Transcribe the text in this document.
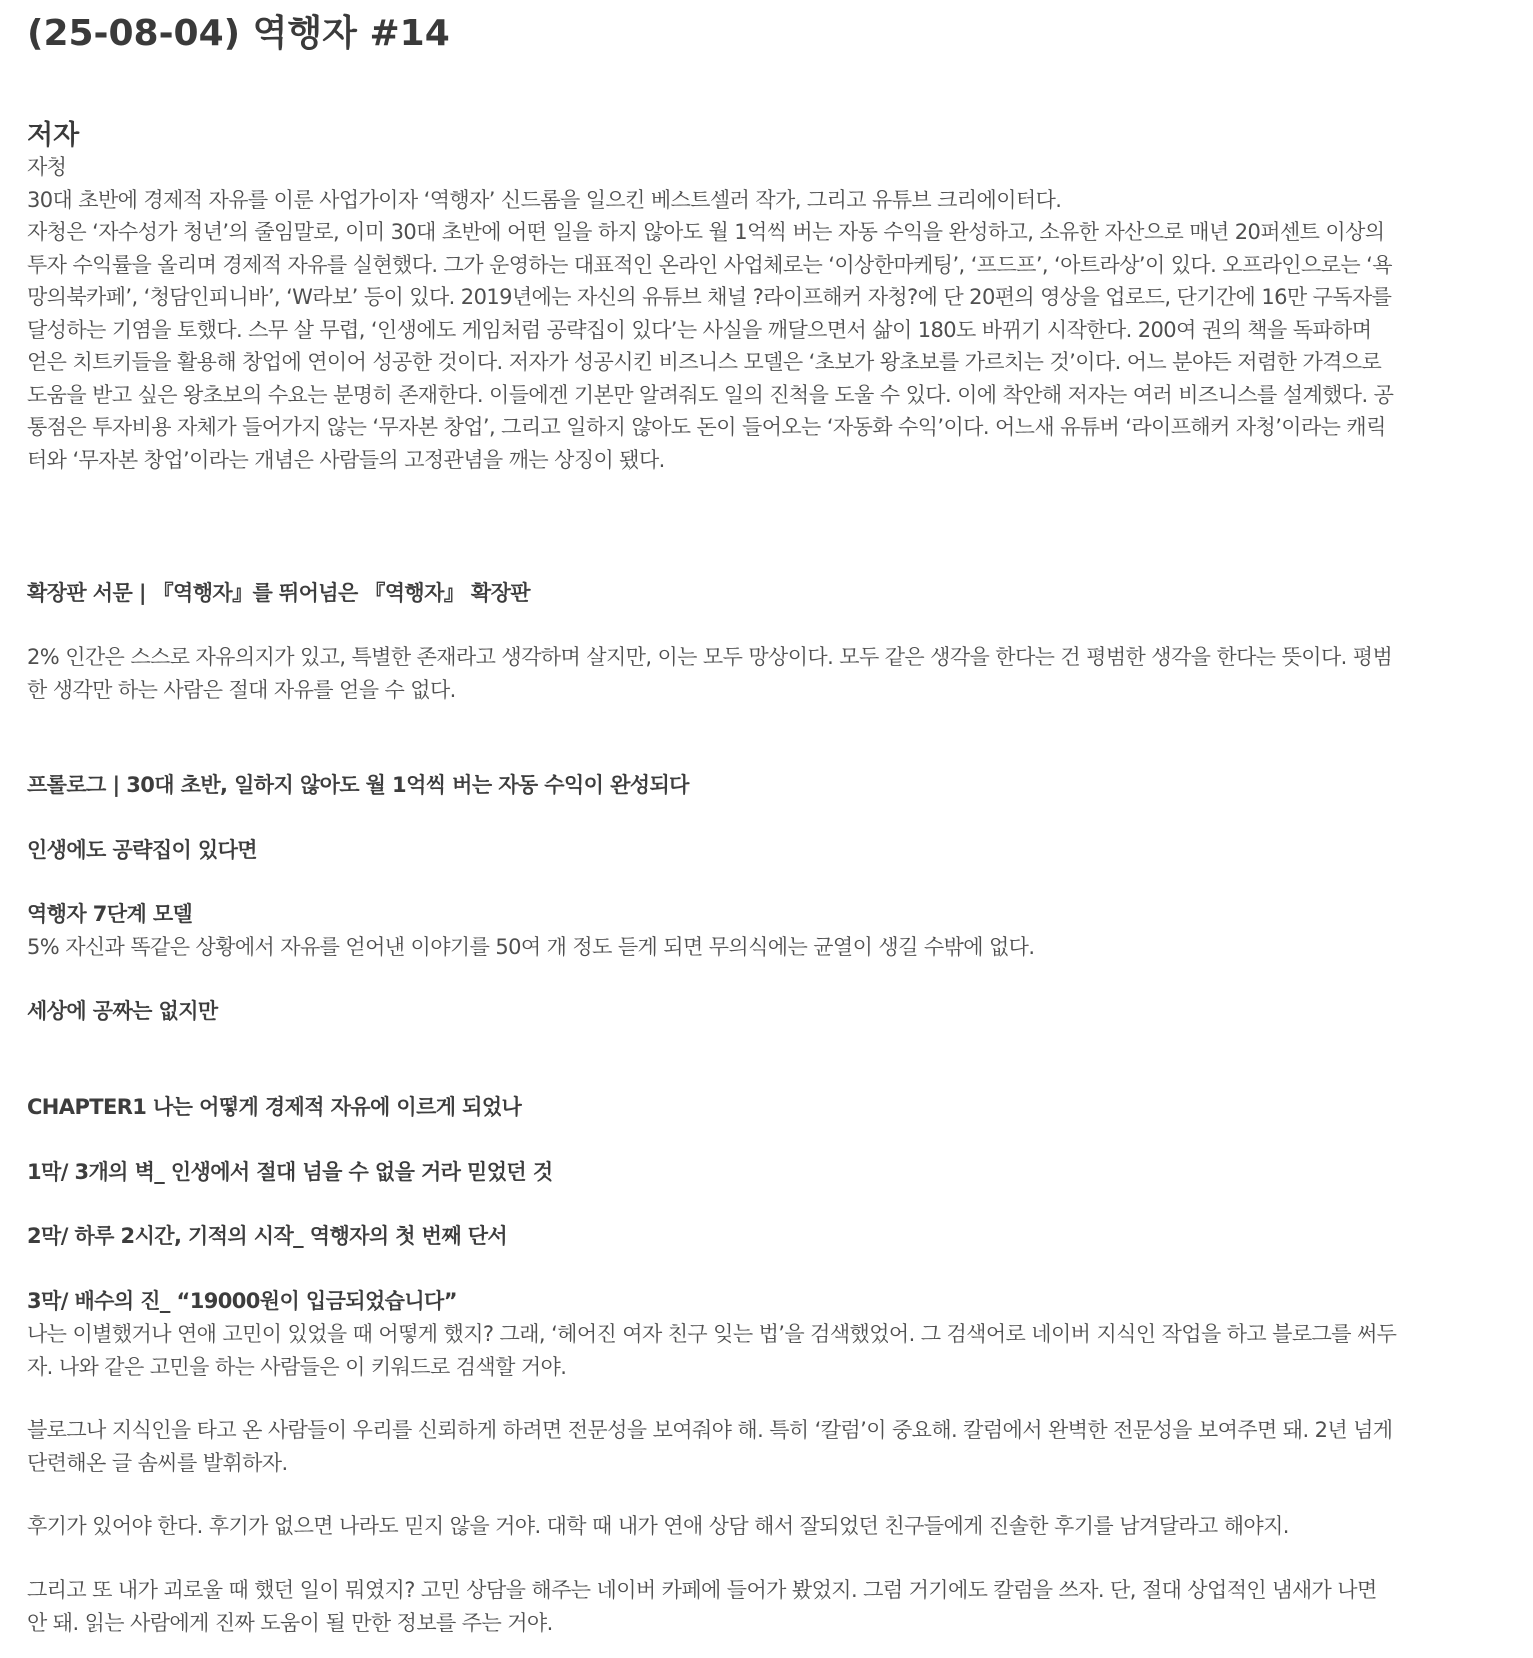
(25-08-04) 역행자 #14
저자
자청
30대 초반에 경제적 자유를 이룬 사업가이자 ‘역행자’ 신드롬을 일으킨 베스트셀러 작가, 그리고 유튜브 크리에이터다.
자청은 ‘자수성가 청년’의 줄임말로, 이미 30대 초반에 어떤 일을 하지 않아도 월 1억씩 버는 자동 수익을 완성하고, 소유한 자산으로 매년 20퍼센트 이상의
투자 수익률을 올리며 경제적 자유를 실현했다. 그가 운영하는 대표적인 온라인 사업체로는 ‘이상한마케팅’, ‘프드프’, ‘아트라상’이 있다. 오프라인으로는 ‘욕
망의북카페’, ‘청담인피니바’, ‘W라보’ 등이 있다. 2019년에는 자신의 유튜브 채널 ?라이프해커 자청?에 단 20편의 영상을 업로드, 단기간에 16만 구독자를
달성하는 기염을 토했다. 스무 살 무렵, ‘인생에도 게임처럼 공략집이 있다’는 사실을 깨달으면서 삶이 180도 바뀌기 시작한다. 200여 권의 책을 독파하며
얻은 치트키들을 활용해 창업에 연이어 성공한 것이다. 저자가 성공시킨 비즈니스 모델은 ‘초보가 왕초보를 가르치는 것’이다. 어느 분야든 저렴한 가격으로
도움을 받고 싶은 왕초보의 수요는 분명히 존재한다. 이들에겐 기본만 알려줘도 일의 진척을 도울 수 있다. 이에 착안해 저자는 여러 비즈니스를 설계했다. 공
통점은 투자비용 자체가 들어가지 않는 ‘무자본 창업’, 그리고 일하지 않아도 돈이 들어오는 ‘자동화 수익’이다. 어느새 유튜버 ‘라이프해커 자청’이라는 캐릭
터와 ‘무자본 창업’이라는 개념은 사람들의 고정관념을 깨는 상징이 됐다.
확장판 서문 | 『역행자』를 뛰어넘은 『역행자』 확장판
2% 인간은 스스로 자유의지가 있고, 특별한 존재라고 생각하며 살지만, 이는 모두 망상이다. 모두 같은 생각을 한다는 건 평범한 생각을 한다는 뜻이다. 평범
한 생각만 하는 사람은 절대 자유를 얻을 수 없다.
프롤로그 | 30대 초반, 일하지 않아도 월 1억씩 버는 자동 수익이 완성되다
인생에도 공략집이 있다면
역행자 7단계 모델
5% 자신과 똑같은 상황에서 자유를 얻어낸 이야기를 50여 개 정도 듣게 되면 무의식에는 균열이 생길 수밖에 없다.
세상에 공짜는 없지만
CHAPTER1 나는 어떻게 경제적 자유에 이르게 되었나
1막/ 3개의 벽_ 인생에서 절대 넘을 수 없을 거라 믿었던 것
2막/ 하루 2시간, 기적의 시작_ 역행자의 첫 번째 단서
3막/ 배수의 진_ “19000원이 입금되었습니다”
나는 이별했거나 연애 고민이 있었을 때 어떻게 했지? 그래, ‘헤어진 여자 친구 잊는 법’을 검색했었어. 그 검색어로 네이버 지식인 작업을 하고 블로그를 써두
자. 나와 같은 고민을 하는 사람들은 이 키워드로 검색할 거야.
블로그나 지식인을 타고 온 사람들이 우리를 신뢰하게 하려면 전문성을 보여줘야 해. 특히 ‘칼럼’이 중요해. 칼럼에서 완벽한 전문성을 보여주면 돼. 2년 넘게
단련해온 글 솜씨를 발휘하자.
후기가 있어야 한다. 후기가 없으면 나라도 믿지 않을 거야. 대학 때 내가 연애 상담 해서 잘되었던 친구들에게 진솔한 후기를 남겨달라고 해야지.
그리고 또 내가 괴로울 때 했던 일이 뭐였지? 고민 상담을 해주는 네이버 카페에 들어가 봤었지. 그럼 거기에도 칼럼을 쓰자. 단, 절대 상업적인 냄새가 나면
안 돼. 읽는 사람에게 진짜 도움이 될 만한 정보를 주는 거야.
